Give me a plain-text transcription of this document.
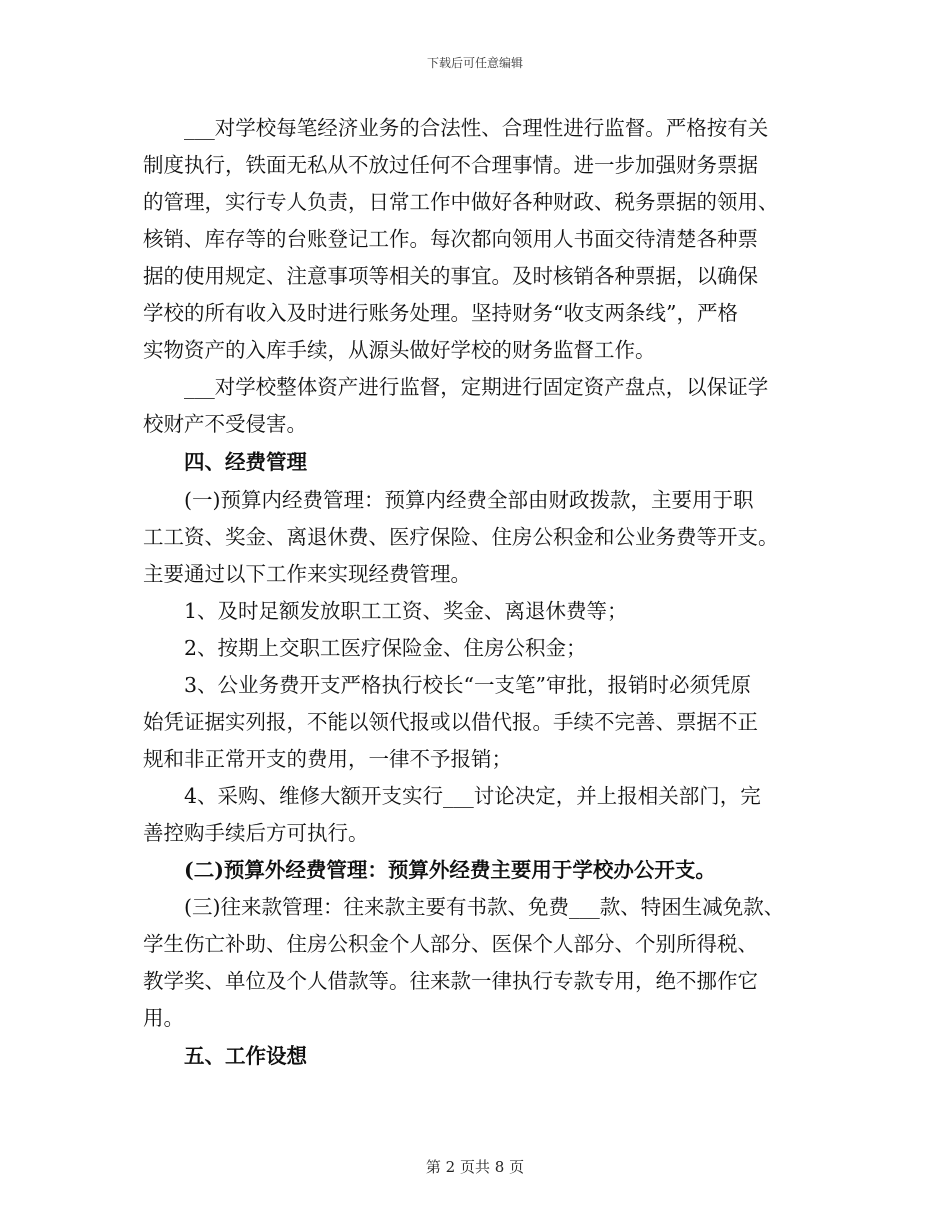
下载后可任意编辑
___对学校每笔经济业务的合法性、合理性进行监督。严格按有关
制度执行，铁面无私从不放过任何不合理事情。进一步加强财务票据
的管理，实行专人负责，日常工作中做好各种财政、税务票据的领用、
核销、库存等的台账登记工作。每次都向领用人书面交待清楚各种票
据的使用规定、注意事项等相关的事宜。及时核销各种票据，以确保
学校的所有收入及时进行账务处理。坚持财务“收支两条线”，严格
实物资产的入库手续，从源头做好学校的财务监督工作。
___对学校整体资产进行监督，定期进行固定资产盘点，以保证学
校财产不受侵害。
四、经费管理
(一)预算内经费管理：预算内经费全部由财政拨款，主要用于职
工工资、奖金、离退休费、医疗保险、住房公积金和公业务费等开支。
主要通过以下工作来实现经费管理。
1、及时足额发放职工工资、奖金、离退休费等；
2、按期上交职工医疗保险金、住房公积金；
3、公业务费开支严格执行校长“一支笔”审批，报销时必须凭原
始凭证据实列报，不能以领代报或以借代报。手续不完善、票据不正
规和非正常开支的费用，一律不予报销；
4、采购、维修大额开支实行___讨论决定，并上报相关部门，完
善控购手续后方可执行。
(二)预算外经费管理：预算外经费主要用于学校办公开支。
(三)往来款管理：往来款主要有书款、免费___款、特困生减免款、
学生伤亡补助、住房公积金个人部分、医保个人部分、个别所得税、
教学奖、单位及个人借款等。往来款一律执行专款专用，绝不挪作它
用。
五、工作设想
第 2 页共 8 页
